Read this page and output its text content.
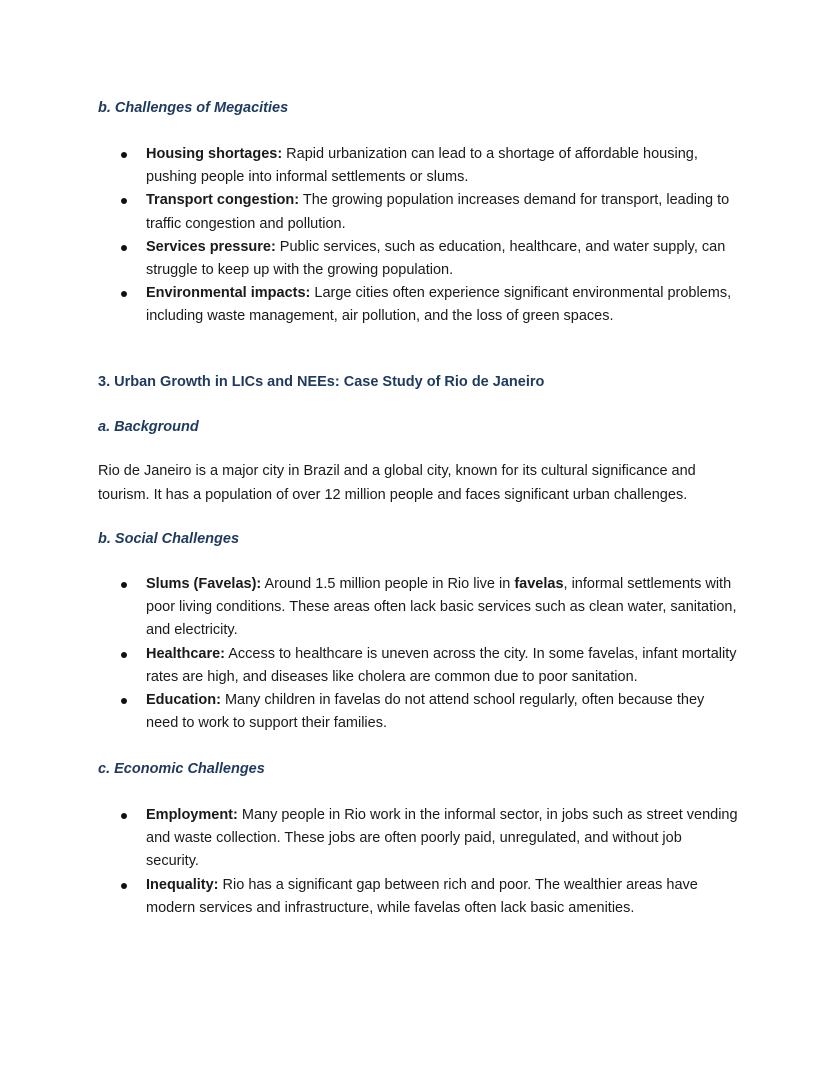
b. Challenges of Megacities
Housing shortages: Rapid urbanization can lead to a shortage of affordable housing, pushing people into informal settlements or slums.
Transport congestion: The growing population increases demand for transport, leading to traffic congestion and pollution.
Services pressure: Public services, such as education, healthcare, and water supply, can struggle to keep up with the growing population.
Environmental impacts: Large cities often experience significant environmental problems, including waste management, air pollution, and the loss of green spaces.
3. Urban Growth in LICs and NEEs: Case Study of Rio de Janeiro
a. Background

Rio de Janeiro is a major city in Brazil and a global city, known for its cultural significance and tourism. It has a population of over 12 million people and faces significant urban challenges.

b. Social Challenges
Slums (Favelas): Around 1.5 million people in Rio live in favelas, informal settlements with poor living conditions. These areas often lack basic services such as clean water, sanitation, and electricity.
Healthcare: Access to healthcare is uneven across the city. In some favelas, infant mortality rates are high, and diseases like cholera are common due to poor sanitation.
Education: Many children in favelas do not attend school regularly, often because they need to work to support their families.
c. Economic Challenges
Employment: Many people in Rio work in the informal sector, in jobs such as street vending and waste collection. These jobs are often poorly paid, unregulated, and without job security.
Inequality: Rio has a significant gap between rich and poor. The wealthier areas have modern services and infrastructure, while favelas often lack basic amenities.
